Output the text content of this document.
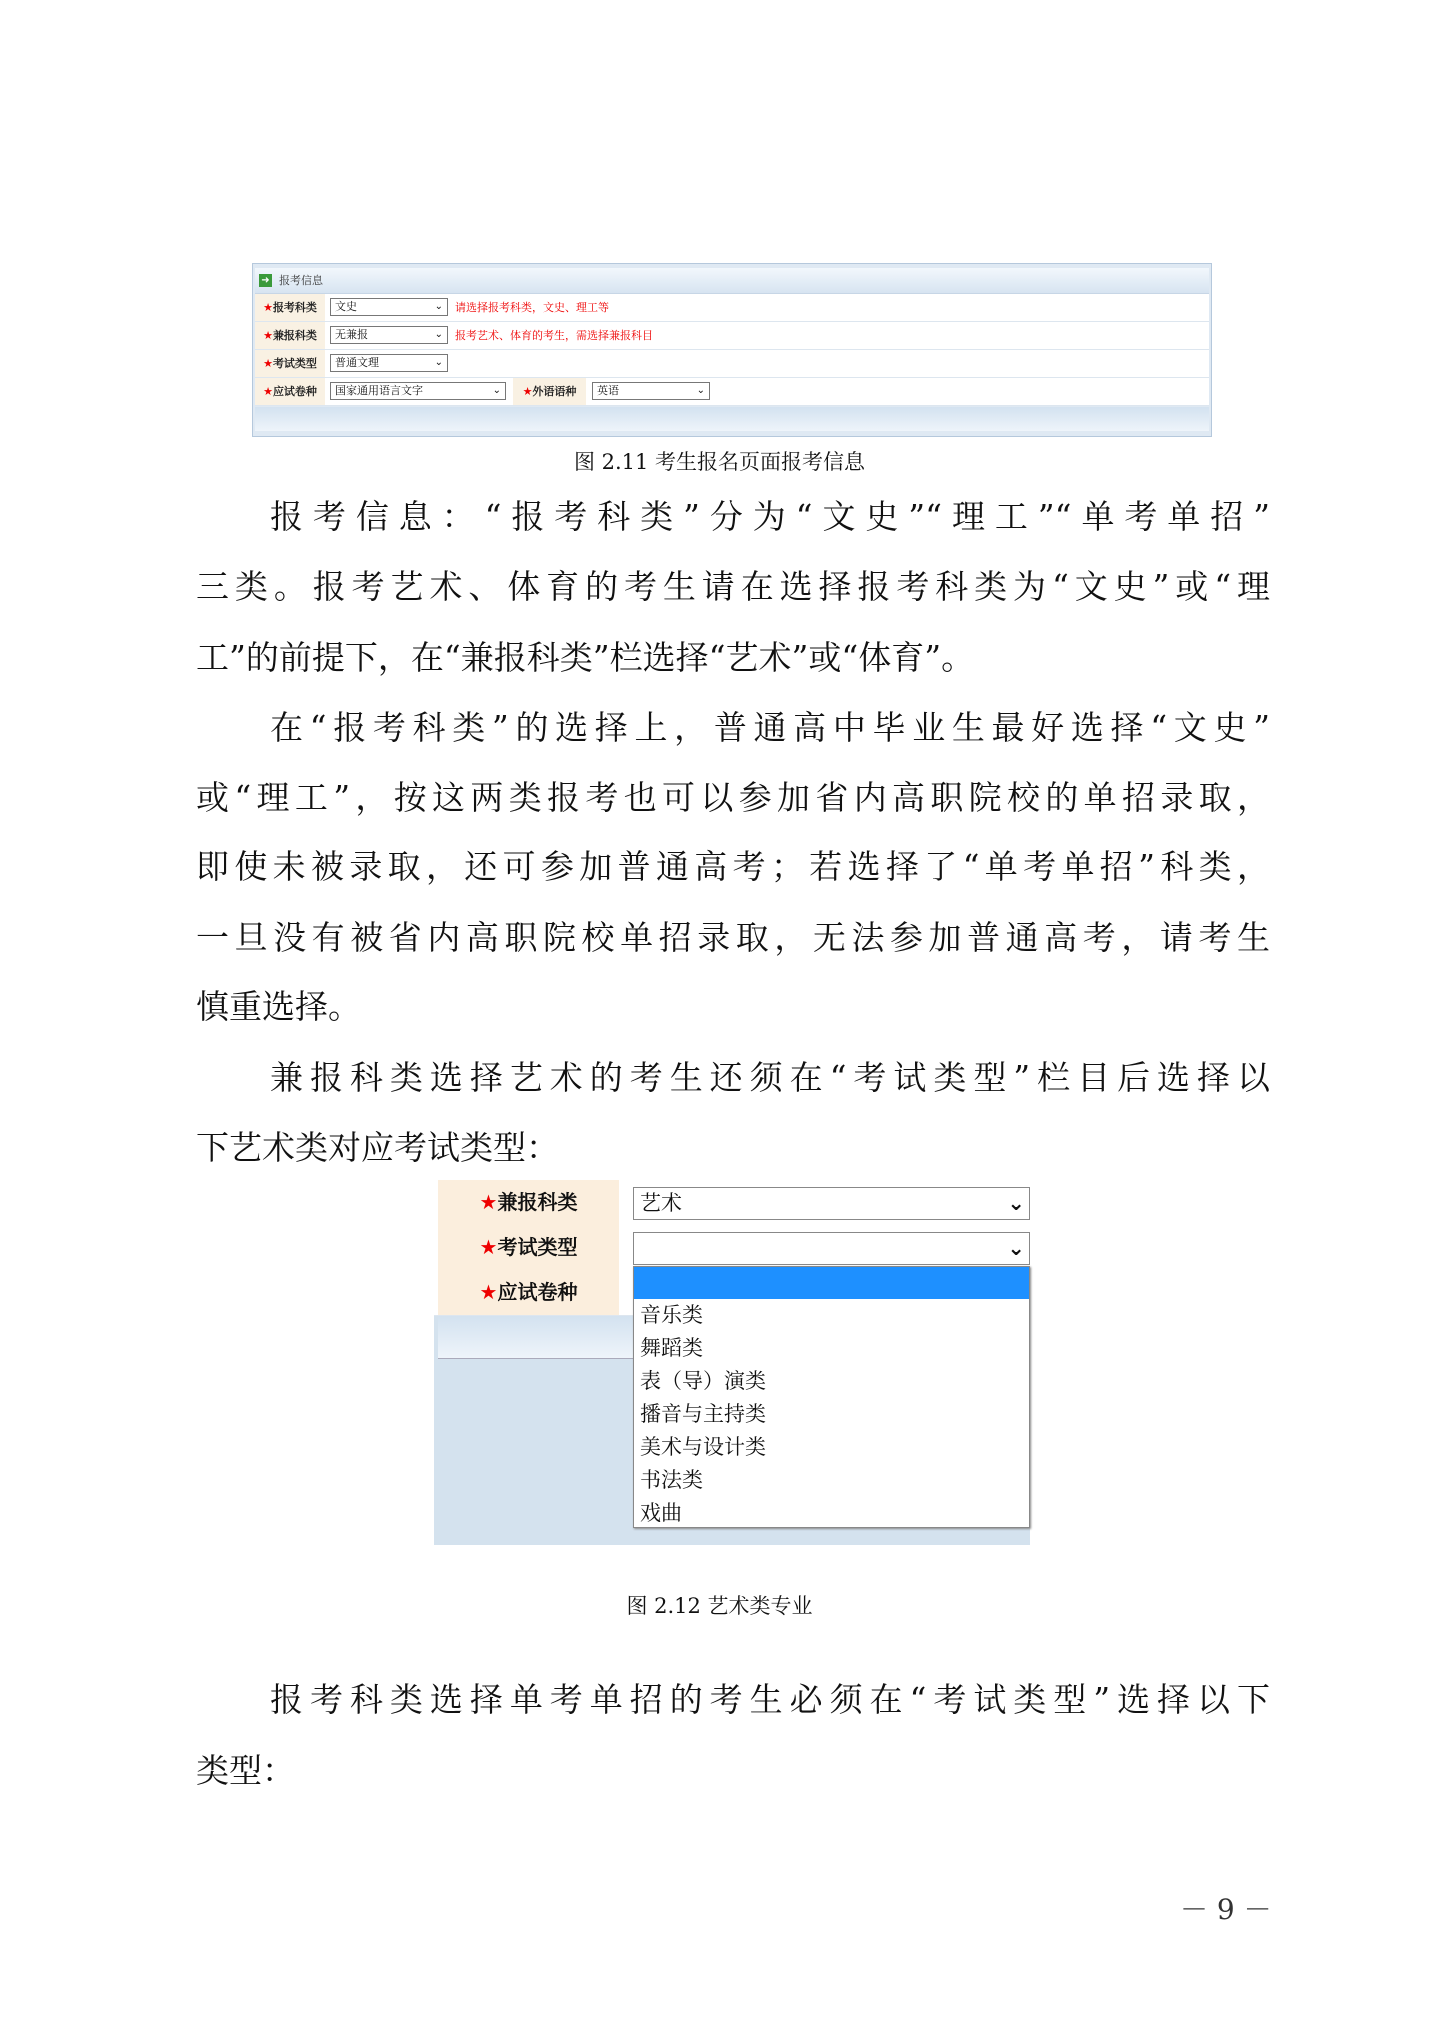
➜ 报考信息
★报考科类	文史	⌄ 请选择报考科类，文史、理工等
★兼报科类	无兼报	⌄ 报考艺术、体育的考生，需选择兼报科目
★考试类型	普通文理	⌄
★应试卷种	国家通用语言文字	⌄	★外语语种	英语	⌄
图 2.11 考生报名页面报考信息
报考信息：“报考科类”分为“文史”“理工”“单考单招”
三类。报考艺术、体育的考生请在选择报考科类为“文史”或“理
工”的前提下，在“兼报科类”栏选择“艺术”或“体育”。
在“报考科类”的选择上，普通高中毕业生最好选择“文史”
或“理工”，按这两类报考也可以参加省内高职院校的单招录取，
即使未被录取，还可参加普通高考；若选择了“单考单招”科类，
一旦没有被省内高职院校单招录取，无法参加普通高考，请考生
慎重选择。
兼报科类选择艺术的考生还须在“考试类型”栏目后选择以
下艺术类对应考试类型：
★兼报科类	艺术	⌄
★考试类型	⌄
★应试卷种
音乐类
舞蹈类
表（导）演类
播音与主持类
美术与设计类
书法类
戏曲
图 2.12 艺术类专业
报考科类选择单考单招的考生必须在“考试类型”选择以下
类型：
－ 9 －
